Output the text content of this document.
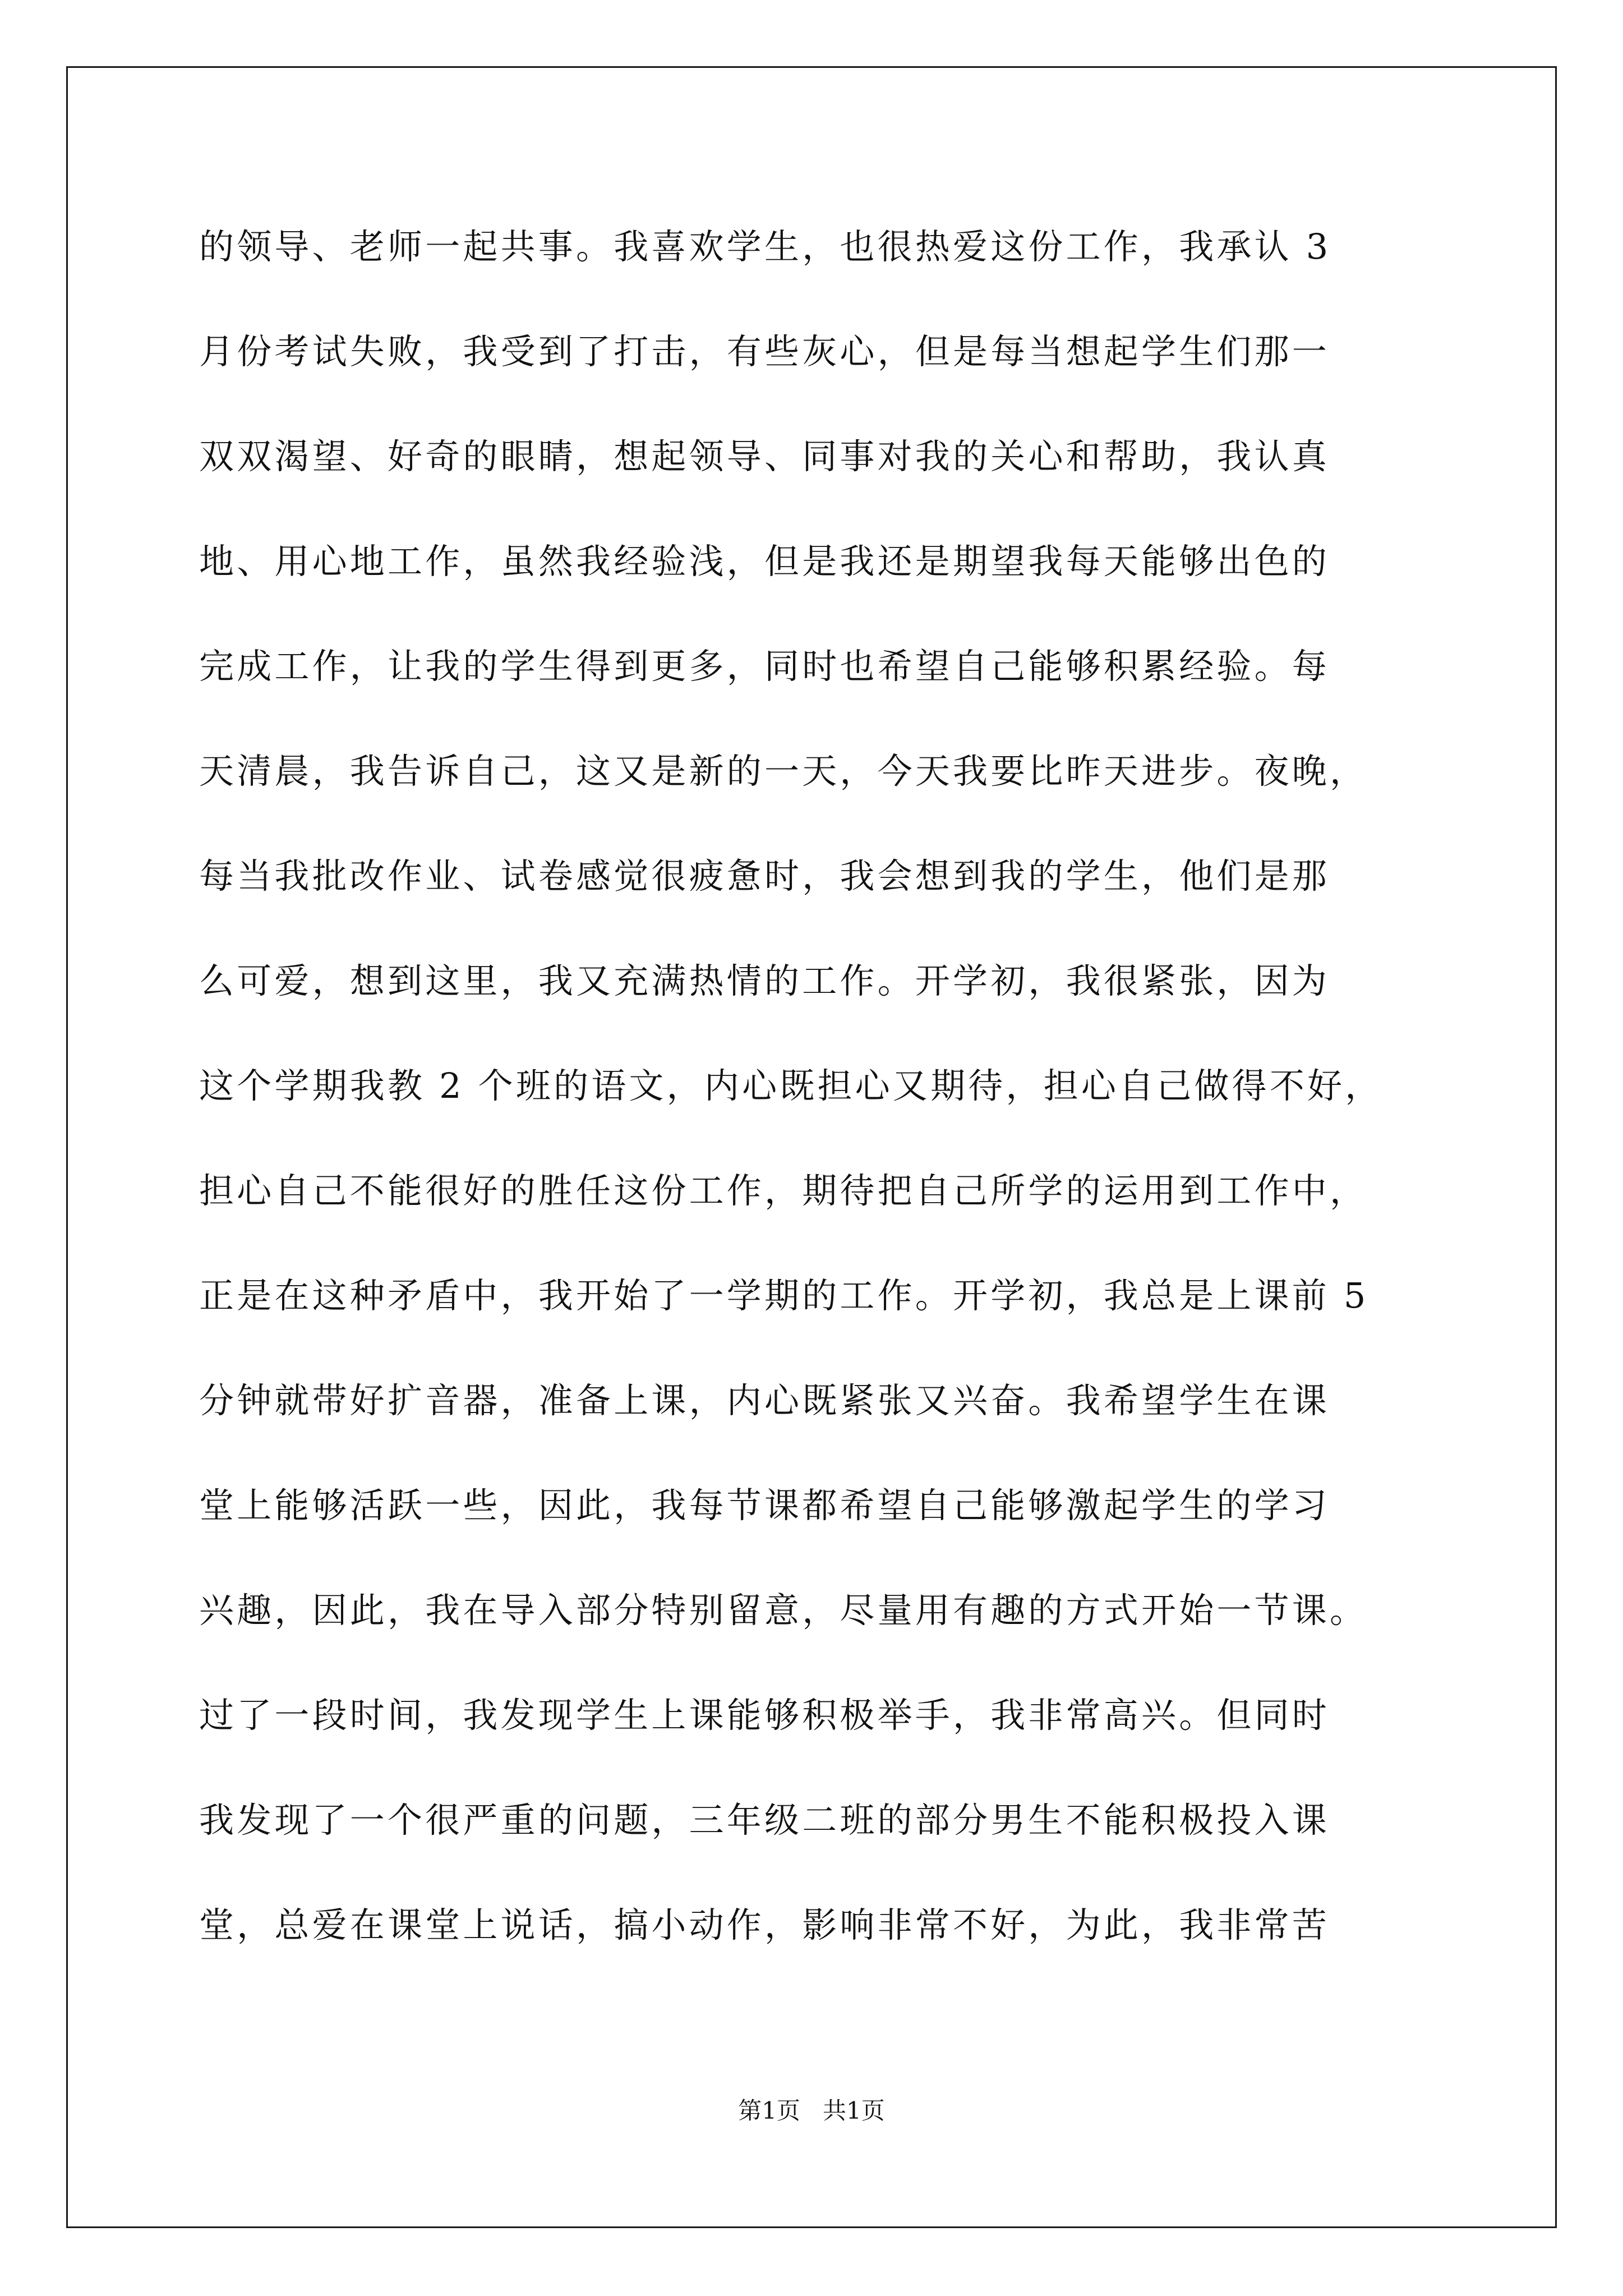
的领导、老师一起共事。我喜欢学生，也很热爱这份工作，我承认 3
月份考试失败，我受到了打击，有些灰心，但是每当想起学生们那一
双双渴望、好奇的眼睛，想起领导、同事对我的关心和帮助，我认真
地、用心地工作，虽然我经验浅，但是我还是期望我每天能够出色的
完成工作，让我的学生得到更多，同时也希望自己能够积累经验。每
天清晨，我告诉自己，这又是新的一天，今天我要比昨天进步。夜晚，
每当我批改作业、试卷感觉很疲惫时，我会想到我的学生，他们是那
么可爱，想到这里，我又充满热情的工作。开学初，我很紧张，因为
这个学期我教 2 个班的语文，内心既担心又期待，担心自己做得不好，
担心自己不能很好的胜任这份工作，期待把自己所学的运用到工作中，
正是在这种矛盾中，我开始了一学期的工作。开学初，我总是上课前 5
分钟就带好扩音器，准备上课，内心既紧张又兴奋。我希望学生在课
堂上能够活跃一些，因此，我每节课都希望自己能够激起学生的学习
兴趣，因此，我在导入部分特别留意，尽量用有趣的方式开始一节课。
过了一段时间，我发现学生上课能够积极举手，我非常高兴。但同时
我发现了一个很严重的问题，三年级二班的部分男生不能积极投入课
堂，总爱在课堂上说话，搞小动作，影响非常不好，为此，我非常苦
第1页 共1页
